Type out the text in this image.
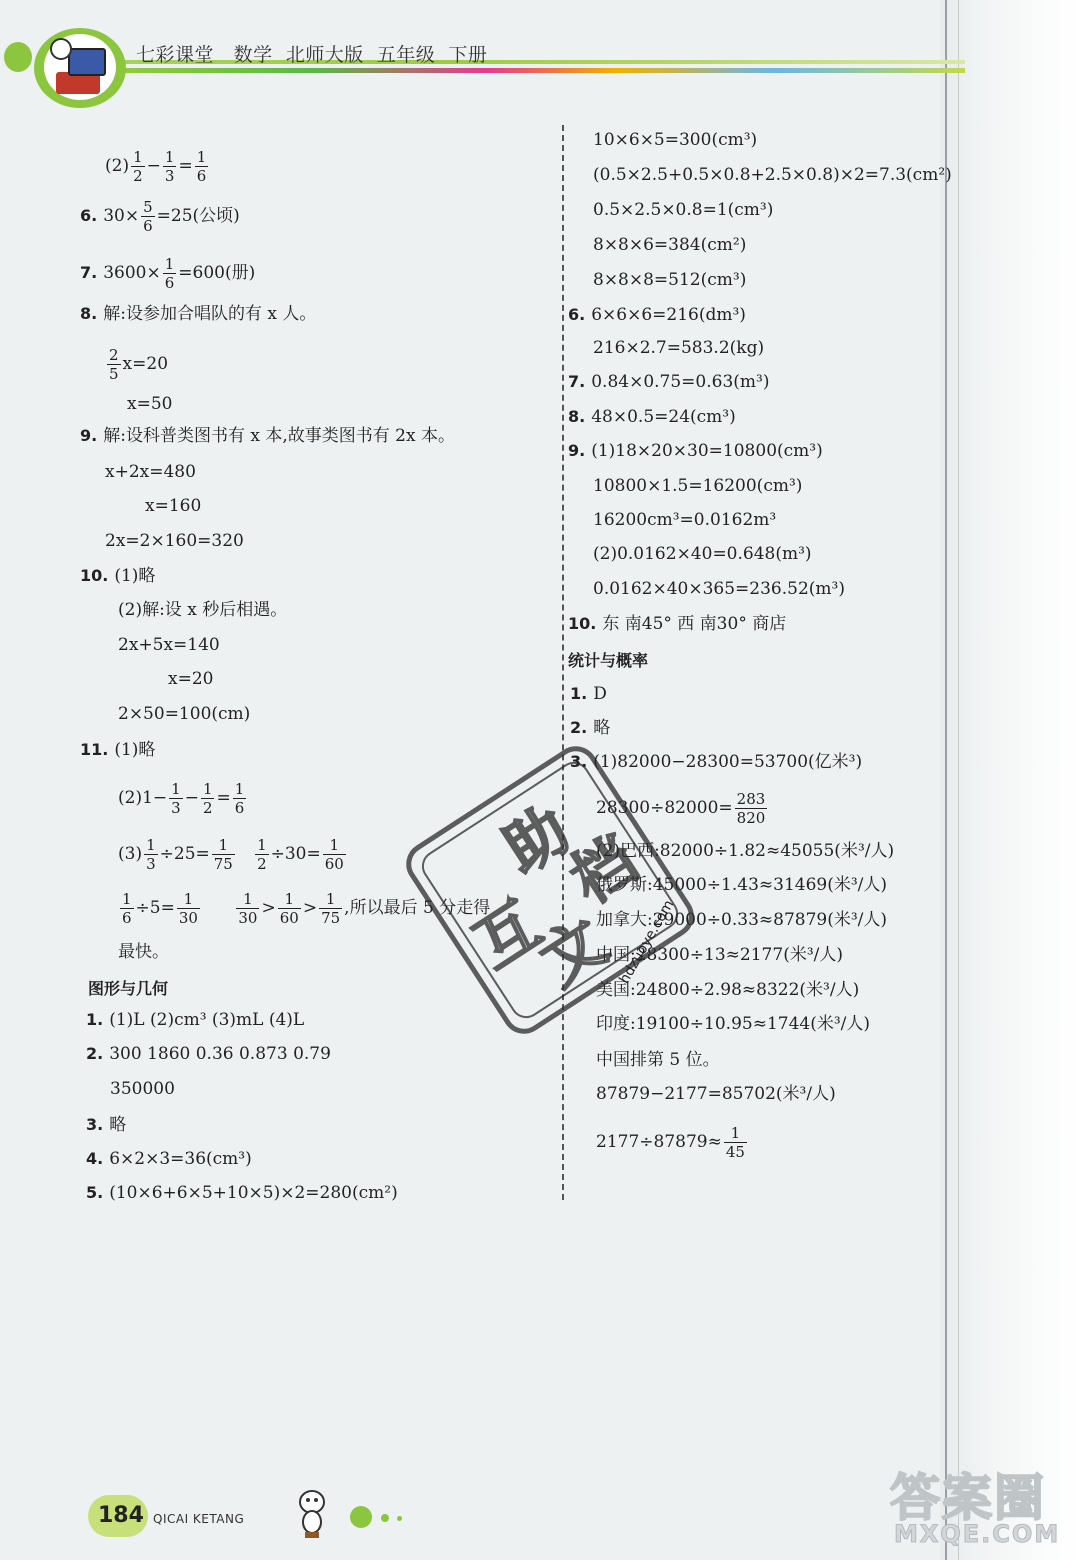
七彩课堂   数学  北师大版  五年级  下册
$(2) \frac{1}{2} - \frac{1}{3} = \frac{1}{6}$
6. $30\times \frac{5}{6} =25$(公顷)
7. $3600\times \frac{1}{6} =600$(册)
8. 解:设参加合唱队的有 x 人。
$\frac{2}{5} x=20$
x=50
9. 解:设科普类图书有 x 本,故事类图书有 2x 本。
x+2x=480
x=160
2x=2×160=320
10. (1)略
(2)解:设 x 秒后相遇。
2x+5x=140
x=20
2×50=100(cm)
11. (1)略
$(2)1- \frac{1}{3} - \frac{1}{2} = \frac{1}{6}$
$(3) \frac{1}{3} \div 25= \frac{1}{75}$
$\frac{1}{2} \div 30= \frac{1}{60}$
$\frac{1}{6} \div 5= \frac{1}{30}$
$\frac{1}{30} > \frac{1}{60} > \frac{1}{75}$ ,所以最后 5 分走得
最快。
图形与几何
1. (1)L (2)cm³ (3)mL (4)L
2. 300 1860 0.36 0.873 0.79
350000
3. 略
4. 6×2×3=36(cm³)
5. (10×6+6×5+10×5)×2=280(cm²)
10×6×5=300(cm³)
(0.5×2.5+0.5×0.8+2.5×0.8)×2=7.3(cm²)
0.5×2.5×0.8=1(cm³)
8×8×6=384(cm²)
8×8×8=512(cm³)
6. 6×6×6=216(dm³)
216×2.7=583.2(kg)
7. 0.84×0.75=0.63(m³)
8. 48×0.5=24(cm³)
9. (1)18×20×30=10800(cm³)
10800×1.5=16200(cm³)
16200cm³=0.0162m³
(2)0.0162×40=0.648(m³)
0.0162×40×365=236.52(m³)
10. 东 南45° 西 南30° 商店
统计与概率
1. D
2. 略
3. (1)82000−28300=53700(亿米³)
$28300\div 82000= \frac{283}{820}$
(2)巴西:82000÷1.82≈45055(米³/人)
俄罗斯:45000÷1.43≈31469(米³/人)
加拿大:29000÷0.33≈87879(米³/人)
中国:28300÷13≈2177(米³/人)
美国:24800÷2.98≈8322(米³/人)
印度:19100÷10.95≈1744(米³/人)
中国排第 5 位。
87879−2177=85702(米³/人)
$2177\div 87879\approx \frac{1}{45}$
互
助
文
档
hdzuoye.com
184 QICAI KETANG	答案圈
MXQE.COM
